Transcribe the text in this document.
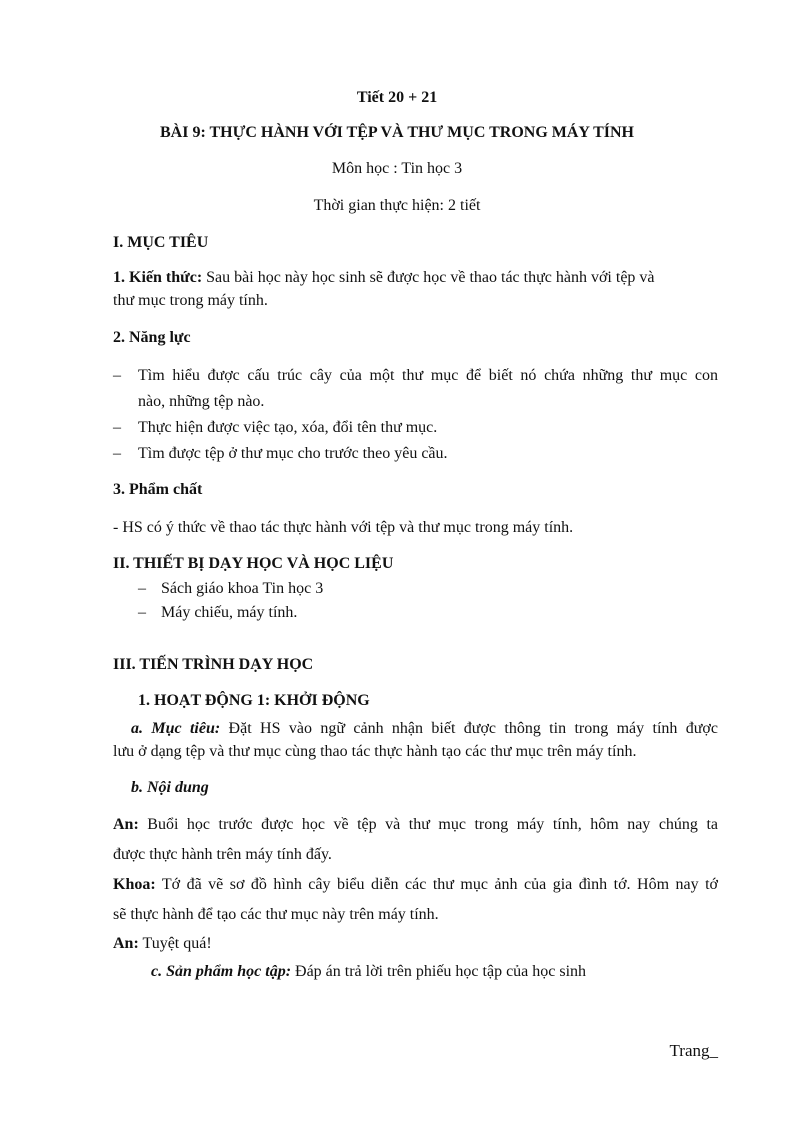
Tiết 20 + 21
BÀI 9: THỰC HÀNH VỚI TỆP VÀ THƯ MỤC TRONG MÁY TÍNH
Môn học : Tin học 3
Thời gian thực hiện: 2 tiết
I. MỤC TIÊU
1. Kiến thức: Sau bài học này học sinh sẽ được học về thao tác thực hành với tệp và
thư mục trong máy tính.
2. Năng lực
– Tìm hiểu được cấu trúc cây của một thư mục để biết nó chứa những thư mục con
nào, những tệp nào.
– Thực hiện được việc tạo, xóa, đổi tên thư mục.
– Tìm được tệp ở thư mục cho trước theo yêu cầu.
3. Phẩm chất
- HS có ý thức về thao tác thực hành với tệp và thư mục trong máy tính.
II. THIẾT BỊ DẠY HỌC VÀ HỌC LIỆU
– Sách giáo khoa Tin học 3
– Máy chiếu, máy tính.
III. TIẾN TRÌNH DẠY HỌC
1. HOẠT ĐỘNG 1: KHỞI ĐỘNG
a. Mục tiêu: Đặt HS vào ngữ cảnh nhận biết được thông tin trong máy tính được
lưu ở dạng tệp và thư mục cùng thao tác thực hành tạo các thư mục trên máy tính.
b. Nội dung
An: Buổi học trước được học về tệp và thư mục trong máy tính, hôm nay chúng ta
được thực hành trên máy tính đấy.
Khoa: Tớ đã vẽ sơ đồ hình cây biểu diễn các thư mục ảnh của gia đình tớ. Hôm nay tớ
sẽ thực hành để tạo các thư mục này trên máy tính.
An: Tuyệt quá!
c. Sản phẩm học tập: Đáp án trả lời trên phiếu học tập của học sinh
Trang_
